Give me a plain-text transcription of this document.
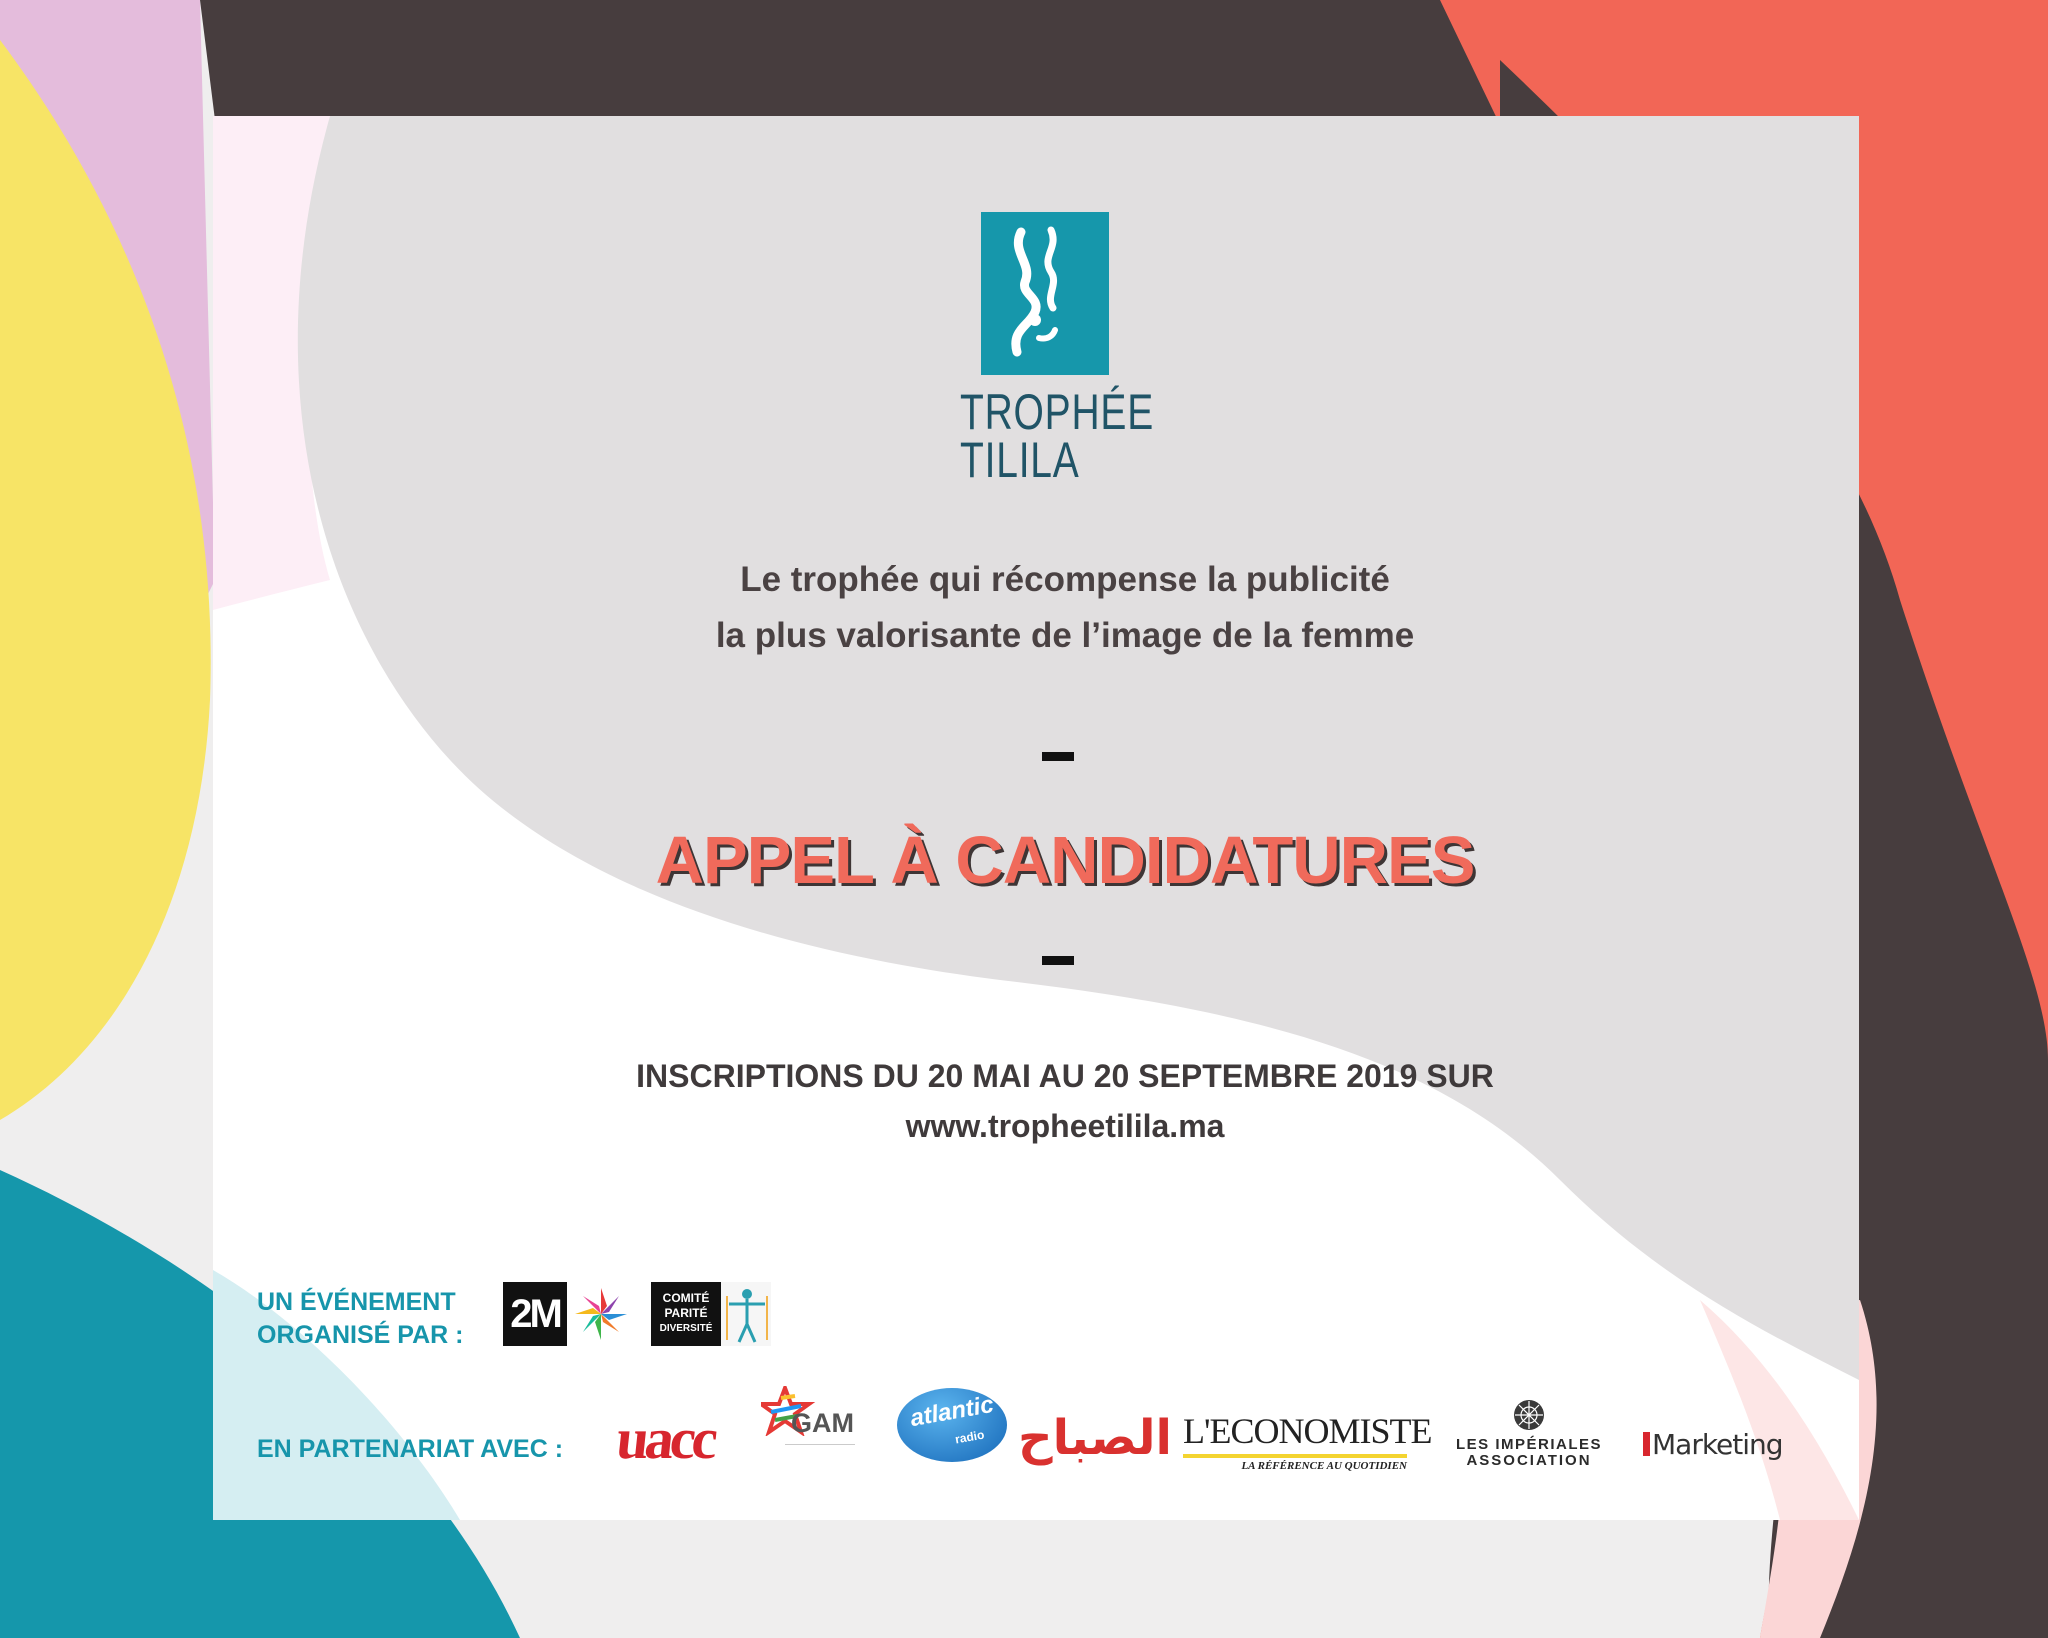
TROPHÉE
TILILA
Le trophée qui récompense la publicité
la plus valorisante de l’image de la femme
APPEL À CANDIDATURES
INSCRIPTIONS DU 20 MAI AU 20 SEPTEMBRE 2019 SUR
www.tropheetilila.ma
UN ÉVÉNEMENT
ORGANISÉ PAR : 2M	COMITÉ
PARITÉ
DIVERSITÉ
EN PARTENARIAT AVEC : uacc	GAM
——————————————
atlantic
radio الصباح L'ECONOMISTE
LA RÉFÉRENCE AU QUOTIDIEN
LES IMPÉRIALES
ASSOCIATION	Marketing
